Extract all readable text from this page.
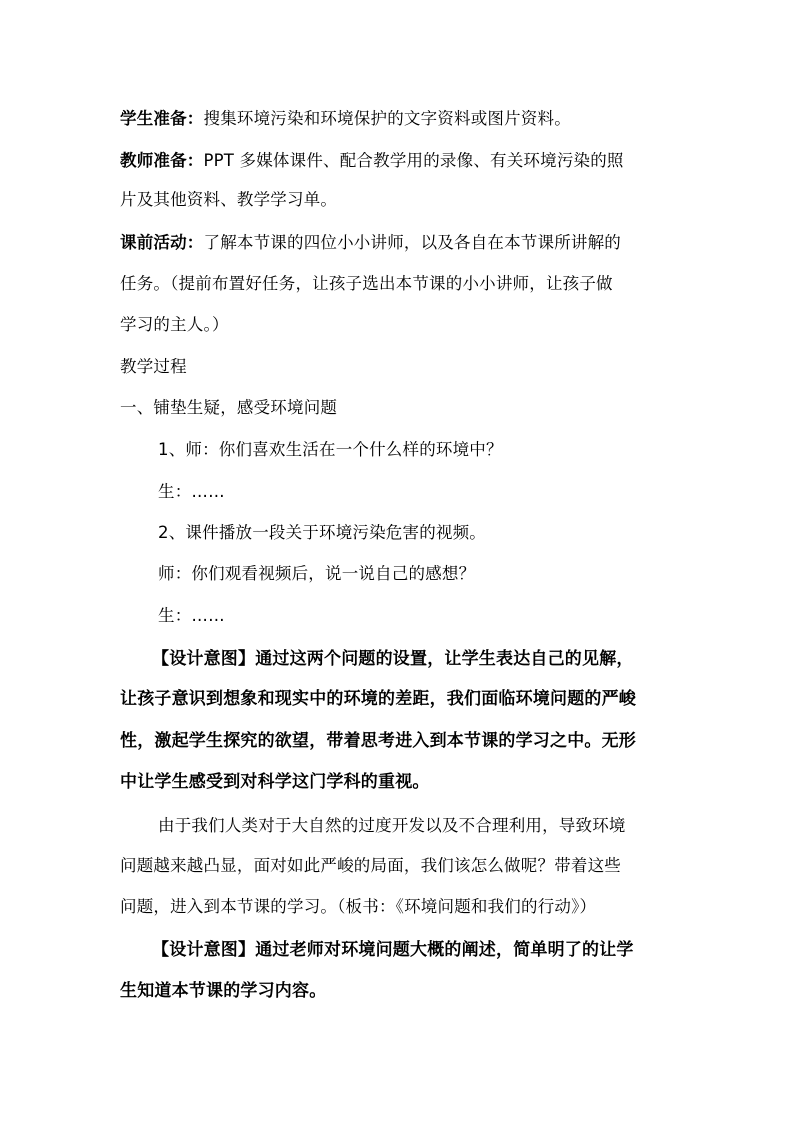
学生准备：搜集环境污染和环境保护的文字资料或图片资料。
教师准备：PPT 多媒体课件、配合教学用的录像、有关环境污染的照
片及其他资料、教学学习单。
课前活动：了解本节课的四位小小讲师，以及各自在本节课所讲解的
任务。（提前布置好任务，让孩子选出本节课的小小讲师，让孩子做
学习的主人。）
教学过程
一、铺垫生疑，感受环境问题
1、师：你们喜欢生活在一个什么样的环境中？
生：……
2、课件播放一段关于环境污染危害的视频。
师：你们观看视频后，说一说自己的感想？
生：……
【设计意图】通过这两个问题的设置，让学生表达自己的见解，
让孩子意识到想象和现实中的环境的差距，我们面临环境问题的严峻
性，激起学生探究的欲望，带着思考进入到本节课的学习之中。无形
中让学生感受到对科学这门学科的重视。
由于我们人类对于大自然的过度开发以及不合理利用，导致环境
问题越来越凸显，面对如此严峻的局面，我们该怎么做呢？带着这些
问题，进入到本节课的学习。（板书：《环境问题和我们的行动》）
【设计意图】通过老师对环境问题大概的阐述，简单明了的让学
生知道本节课的学习内容。
